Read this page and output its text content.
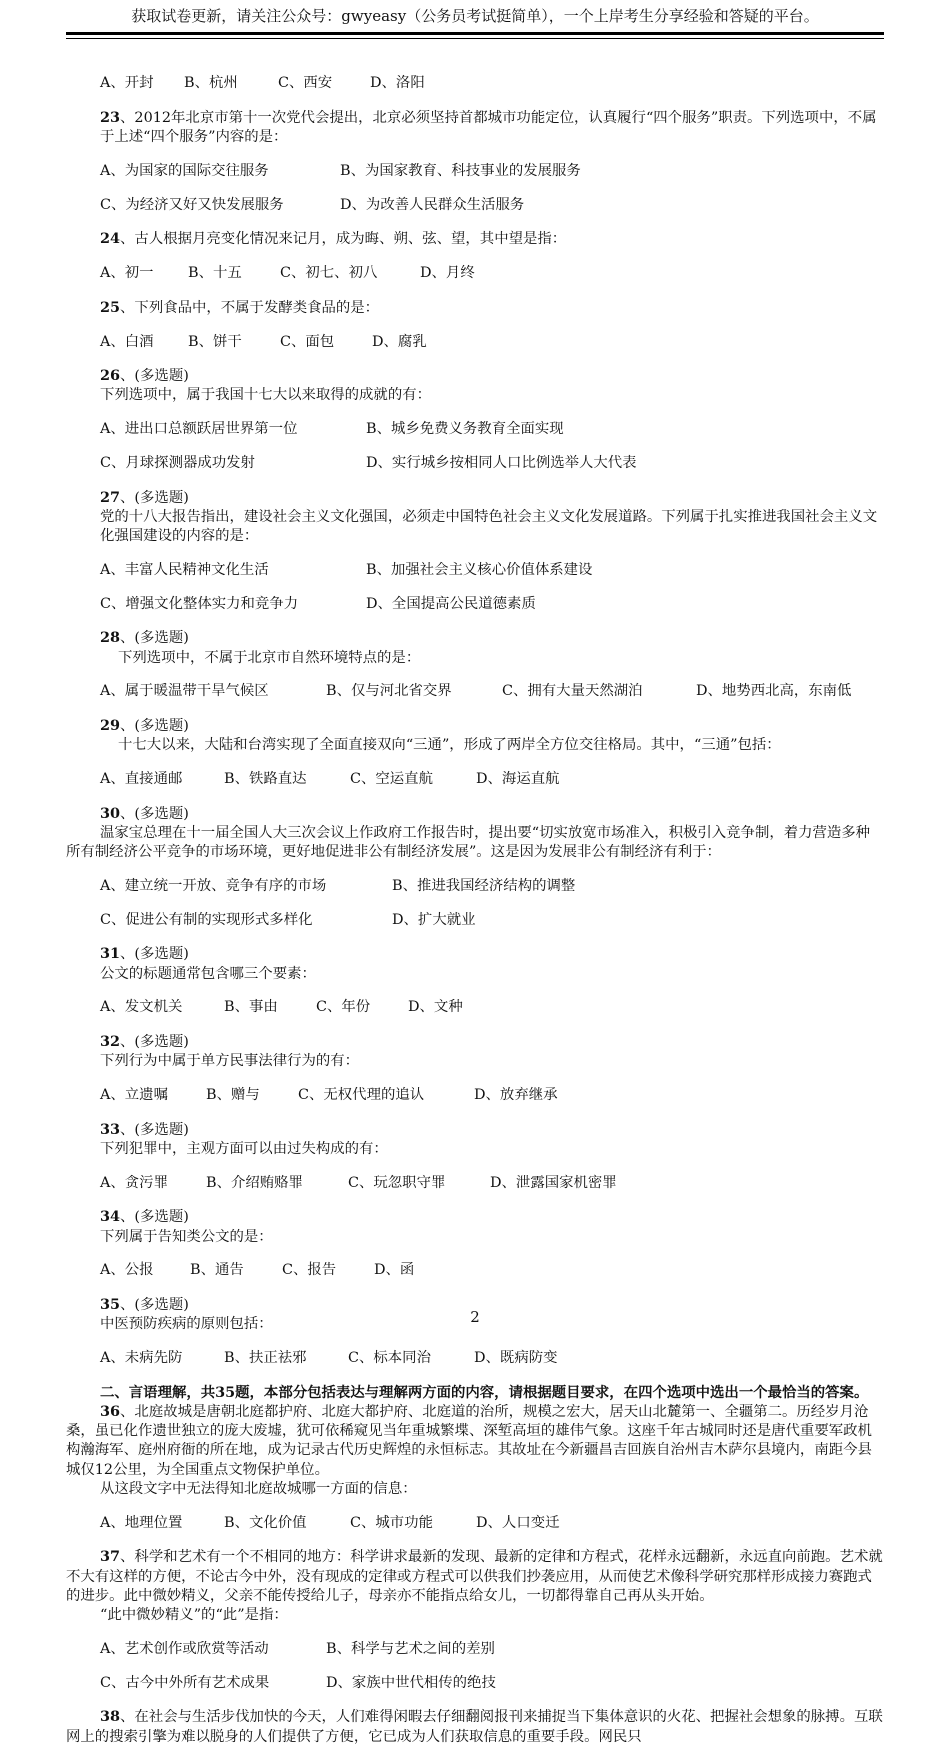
获取试卷更新，请关注公众号：gwyeasy（公务员考试挺简单），一个上岸考生分享经验和答疑的平台。

A、开封 B、杭州	C、西安	D、洛阳

23、2012年北京市第十一次党代会提出，北京必须坚持首都城市功能定位，认真履行“四个服务”职责。下列选项中，不属于上述“四个服务”内容的是：

A、为国家的国际交往服务	B、为国家教育、科技事业的发展服务

C、为经济又好又快发展服务	D、为改善人民群众生活服务

24、古人根据月亮变化情况来记月，成为晦、朔、弦、望，其中望是指：

A、初一 B、十五	C、初七、初八	D、月终

25、下列食品中，不属于发酵类食品的是：

A、白酒 B、饼干	C、面包	D、腐乳

26、(多选题)

下列选项中，属于我国十七大以来取得的成就的有：

A、进出口总额跃居世界第一位	B、城乡免费义务教育全面实现

C、月球探测器成功发射	D、实行城乡按相同人口比例选举人大代表

27、(多选题)

党的十八大报告指出，建设社会主义文化强国，必须走中国特色社会主义文化发展道路。下列属于扎实推进我国社会主义文化强国建设的内容的是：

A、丰富人民精神文化生活	B、加强社会主义核心价值体系建设

C、增强文化整体实力和竞争力	D、全国提高公民道德素质

28、(多选题)

下列选项中，不属于北京市自然环境特点的是：

A、属于暖温带干旱气候区	B、仅与河北省交界	C、拥有大量天然湖泊	D、地势西北高，东南低

29、(多选题)

十七大以来，大陆和台湾实现了全面直接双向“三通”，形成了两岸全方位交往格局。其中，“三通”包括：

A、直接通邮	B、铁路直达	C、空运直航	D、海运直航

30、(多选题)

温家宝总理在十一届全国人大三次会议上作政府工作报告时，提出要“切实放宽市场准入，积极引入竞争制，着力营造多种所有制经济公平竞争的市场环境，更好地促进非公有制经济发展”。这是因为发展非公有制经济有利于：

A、建立统一开放、竞争有序的市场	B、推进我国经济结构的调整

C、促进公有制的实现形式多样化	D、扩大就业

31、(多选题)

公文的标题通常包含哪三个要素：

A、发文机关	B、事由	C、年份	D、文种

32、(多选题)

下列行为中属于单方民事法律行为的有：

A、立遗嘱	B、赠与	C、无权代理的追认	D、放弃继承

33、(多选题)

下列犯罪中，主观方面可以由过失构成的有：

A、贪污罪	B、介绍贿赂罪	C、玩忽职守罪	D、泄露国家机密罪

34、(多选题)

下列属于告知类公文的是：

A、公报	B、通告	C、报告	D、函

35、(多选题)

中医预防疾病的原则包括：

A、未病先防	B、扶正祛邪	C、标本同治	D、既病防变

二、言语理解，共35题，本部分包括表达与理解两方面的内容，请根据题目要求，在四个选项中选出一个最恰当的答案。

36、北庭故城是唐朝北庭都护府、北庭大都护府、北庭道的治所，规模之宏大，居天山北麓第一、全疆第二。历经岁月沧桑，虽已化作遗世独立的庞大废墟，犹可依稀窥见当年重城繁堞、深堑高垣的雄伟气象。这座千年古城同时还是唐代重要军政机构瀚海军、庭州府衙的所在地，成为记录古代历史辉煌的永恒标志。其故址在今新疆昌吉回族自治州吉木萨尔县境内，南距今县城仅12公里，为全国重点文物保护单位。

从这段文字中无法得知北庭故城哪一方面的信息：

A、地理位置	B、文化价值	C、城市功能	D、人口变迁

37、科学和艺术有一个不相同的地方：科学讲求最新的发现、最新的定律和方程式，花样永远翻新，永远直向前跑。艺术就不大有这样的方便，不论古今中外，没有现成的定律或方程式可以供我们抄袭应用，从而使艺术像科学研究那样形成接力赛跑式的进步。此中微妙精义，父亲不能传授给儿子，母亲亦不能指点给女儿，一切都得靠自己再从头开始。

“此中微妙精义”的“此”是指：

A、艺术创作或欣赏等活动	B、科学与艺术之间的差别

C、古今中外所有艺术成果	D、家族中世代相传的绝技

38、在社会与生活步伐加快的今天，人们难得闲暇去仔细翻阅报刊来捕捉当下集体意识的火花、把握社会想象的脉搏。互联网上的搜索引擎为难以脱身的人们提供了方便，它已成为人们获取信息的重要手段。网民只

2
